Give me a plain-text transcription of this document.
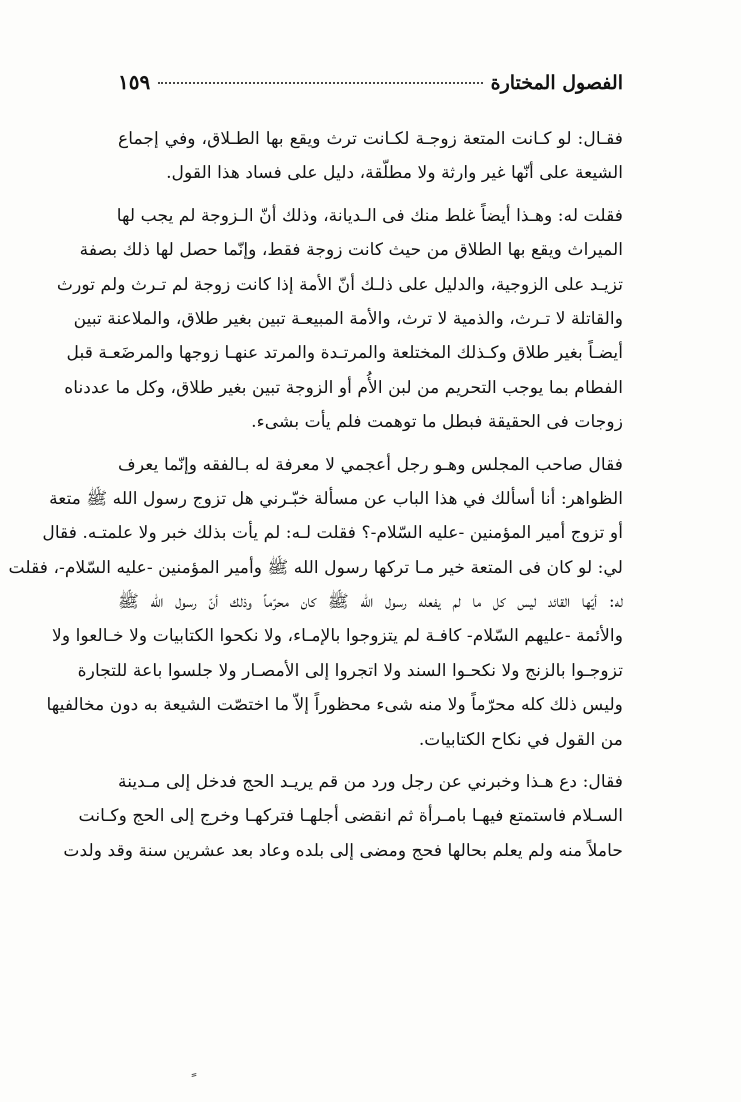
الفصول المختارة
١٥٩

فقـال: لو كـانت المتعة زوجـة لكـانت ترث ويقع بها الطـلاق، وفي إجماع
الشيعة على أنّها غير وارثة ولا مطلّقة، دليل على فساد هذا القول.

فقلت له: وهـذا أيضاً غلط منك فى الـديانة، وذلك أنّ الـزوجة لم يجب لها
الميراث ويقع بها الطلاق من حيث كانت زوجة فقط، وإنّما حصل لها ذلك بصفة
تزيـد على الزوجية، والدليل على ذلـك أنّ الأمة إذا كانت زوجة لم تـرث ولم تورث
والقاتلة لا تـرث، والذمية لا ترث، والأمة المبيعـة تبين بغير طلاق، والملاعنة تبين
أيضـاً بغير طلاق وكـذلك المختلعة والمرتـدة والمرتد عنهـا زوجها والمرضَعـة قبل
الفطام بما يوجب التحريم من لبن الأُم أو الزوجة تبين بغير طلاق، وكل ما عددناه
زوجات فى الحقيقة فبطل ما توهمت فلم يأت بشىء.

فقال صاحب المجلس وهـو رجل أعجمي لا معرفة له بـالفقه وإنّما يعرف
الظواهر: أنا أسألك في هذا الباب عن مسألة خبّـرني هل تزوج رسول الله ﷺ متعة
أو تزوج أمير المؤمنين -عليه السّلام-؟ فقلت لـه: لم يأت بذلك خبر ولا علمتـه. فقال
لي: لو كان فى المتعة خير مـا تركها رسول الله ﷺ وأمير المؤمنين -عليه السّلام-، فقلت
له: أيّها القائد ليس كل ما لم يفعله رسول الله ﷺ كان محرّماً وذلك أنّ رسول الله ﷺ
والأئمة -عليهم السّلام- كافـة لم يتزوجوا بالإمـاء، ولا نكحوا الكتابيات ولا خـالعوا ولا
تزوجـوا بالزنج ولا نكحـوا السند ولا اتجروا إلى الأمصـار ولا جلسوا باعة للتجارة
وليس ذلك كله محرّماً ولا منه شىء محظوراً إلاّ ما اختصّت الشيعة به دون مخالفيها
من القول في نكاح الكتابيات.

فقال: دع هـذا وخبرني عن رجل ورد من قم يريـد الحج فدخل إلى مـدينة
السـلام فاستمتع فيهـا بامـرأة ثم انقضى أجلهـا فتركهـا وخرج إلى الحج وكـانت
حاملاً منه ولم يعلم بحالها فحج ومضى إلى بلده وعاد بعد عشرين سنة وقد ولدت
